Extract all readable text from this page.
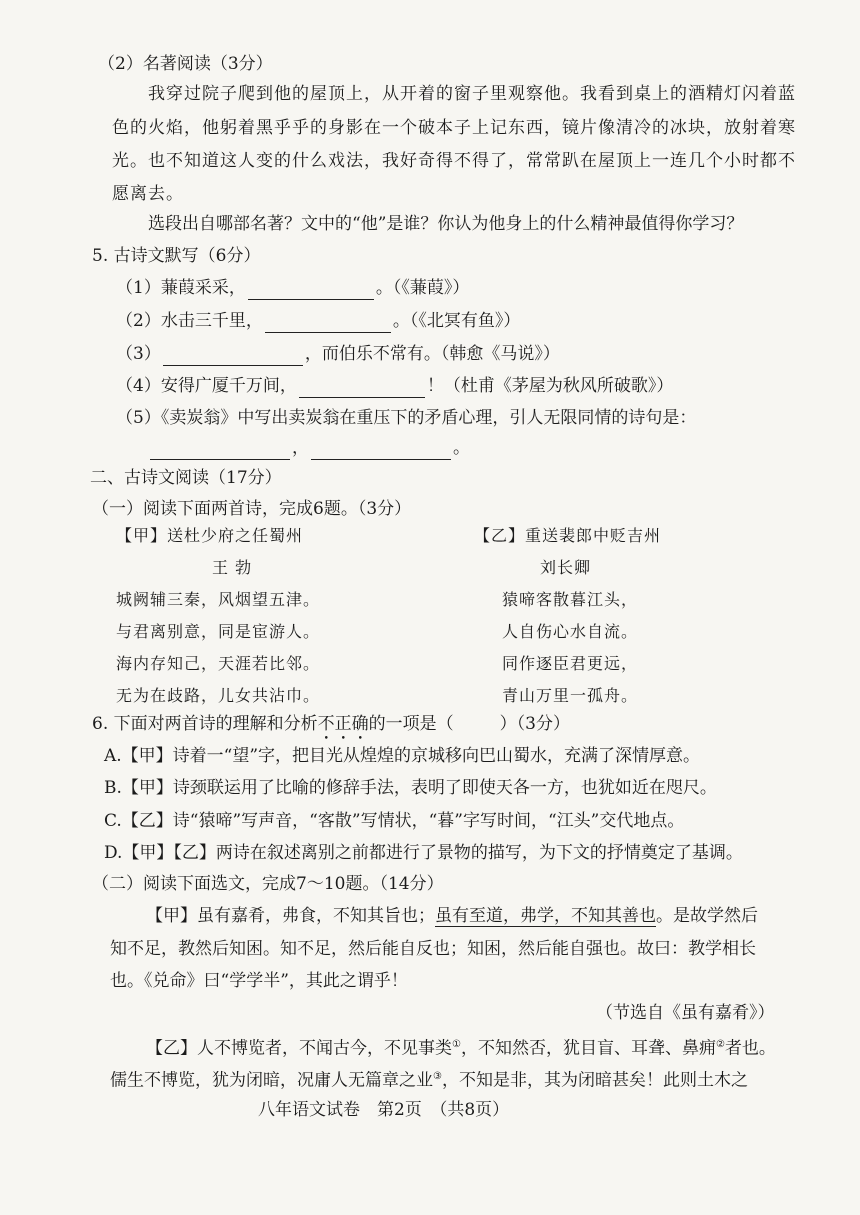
（2）名著阅读（3分）
我穿过院子爬到他的屋顶上，从开着的窗子里观察他。我看到桌上的酒精灯闪着蓝
色的火焰，他躬着黑乎乎的身影在一个破本子上记东西，镜片像清冷的冰块，放射着寒
光。也不知道这人变的什么戏法，我好奇得不得了，常常趴在屋顶上一连几个小时都不
愿离去。
选段出自哪部名著？文中的“他”是谁？你认为他身上的什么精神最值得你学习？
5. 古诗文默写（6分）
（1）蒹葭采采，	。（《蒹葭》）
（2）水击三千里，	。（《北冥有鱼》）
（3）	，而伯乐不常有。（韩愈《马说》）
（4）安得广厦千万间，	！（杜甫《茅屋为秋风所破歌》）
（5）《卖炭翁》中写出卖炭翁在重压下的矛盾心理，引人无限同情的诗句是：
，	。
二、古诗文阅读（17分）
（一）阅读下面两首诗，完成6题。（3分）
【甲】送杜少府之任蜀州
王 勃
城阙辅三秦，风烟望五津。
与君离别意，同是宦游人。
海内存知己，天涯若比邻。
无为在歧路，儿女共沾巾。
【乙】重送裴郎中贬吉州
刘长卿
猿啼客散暮江头，
人自伤心水自流。
同作逐臣君更远，
青山万里一孤舟。
6. 下面对两首诗的理解和分析不正确的一项是（	）（3分）
A.【甲】诗着一“望”字，把目光从煌煌的京城移向巴山蜀水，充满了深情厚意。
B.【甲】诗颈联运用了比喻的修辞手法，表明了即使天各一方，也犹如近在咫尺。
C.【乙】诗“猿啼”写声音，“客散”写情状，“暮”字写时间，“江头”交代地点。
D.【甲】【乙】两诗在叙述离别之前都进行了景物的描写，为下文的抒情奠定了基调。
（二）阅读下面选文，完成7～10题。（14分）
【甲】虽有嘉肴，弗食，不知其旨也；虽有至道，弗学，不知其善也。是故学然后
知不足，教然后知困。知不足，然后能自反也；知困，然后能自强也。故曰：教学相长
也。《兑命》曰“学学半”，其此之谓乎！
（节选自《虽有嘉肴》）
【乙】人不博览者，不闻古今，不见事类①，不知然否，犹目盲、耳聋、鼻痈②者也。
儒生不博览，犹为闭暗，况庸人无篇章之业③，不知是非，其为闭暗甚矣！此则土木之
八年语文试卷　第2页　（共8页）
